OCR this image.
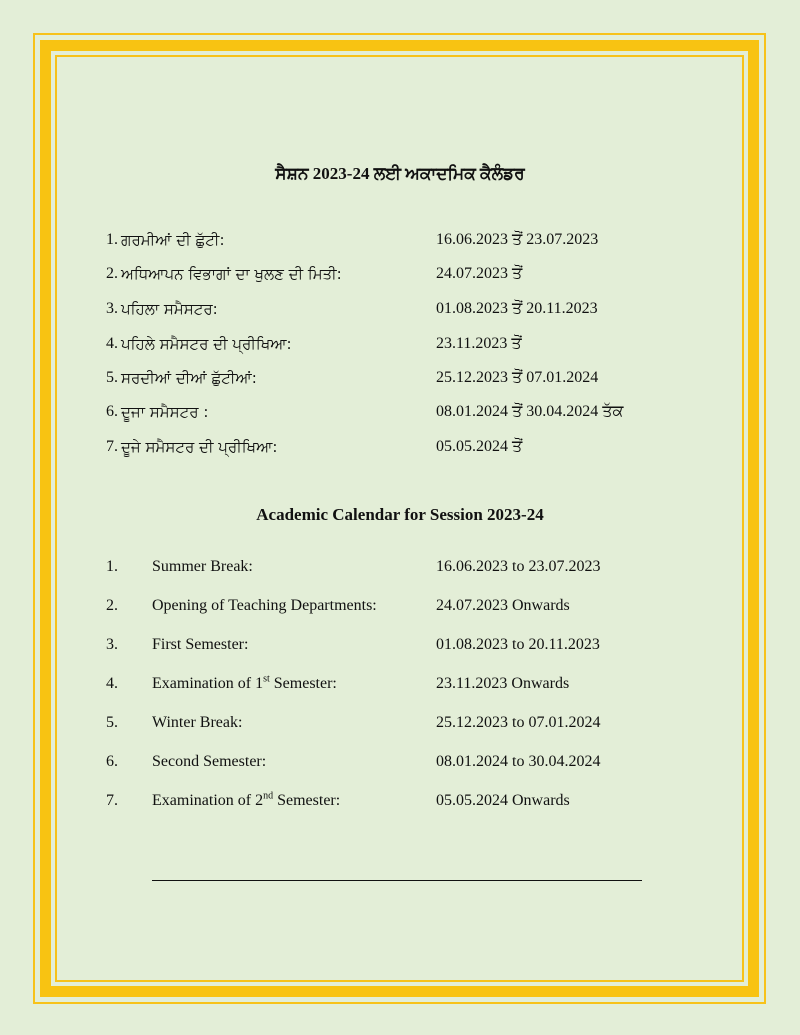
ਸੈਸ਼ਨ 2023-24 ਲਈ ਅਕਾਦਮਿਕ ਕੈਲੰਡਰ
1. ਗਰਮੀਆਂ ਦੀ ਛੁੱਟੀ:	16.06.2023 ਤੋਂ 23.07.2023
2. ਅਧਿਆਪਨ ਵਿਭਾਗਾਂ ਦਾ ਖੁਲਣ ਦੀ ਮਿਤੀ:	24.07.2023 ਤੋਂ
3. ਪਹਿਲਾ ਸਮੈਸਟਰ:	01.08.2023 ਤੋਂ 20.11.2023
4. ਪਹਿਲੇ ਸਮੈਸਟਰ ਦੀ ਪ੍ਰੀਖਿਆ:	23.11.2023 ਤੋਂ
5. ਸਰਦੀਆਂ ਦੀਆਂ ਛੁੱਟੀਆਂ:	25.12.2023 ਤੋਂ 07.01.2024
6. ਦੂਜਾ ਸਮੈਸਟਰ :	08.01.2024 ਤੋਂ 30.04.2024 ਤੱਕ
7. ਦੂਜੇ ਸਮੈਸਟਰ ਦੀ ਪ੍ਰੀਖਿਆ:	05.05.2024 ਤੋਂ
Academic Calendar for Session 2023-24
1. Summer Break:	16.06.2023 to 23.07.2023
2. Opening of Teaching Departments:	24.07.2023 Onwards
3. First Semester:	01.08.2023 to 20.11.2023
4. Examination of 1st Semester:	23.11.2023 Onwards
5. Winter Break:	25.12.2023 to 07.01.2024
6. Second Semester:	08.01.2024 to 30.04.2024
7. Examination of 2nd Semester:	05.05.2024 Onwards
